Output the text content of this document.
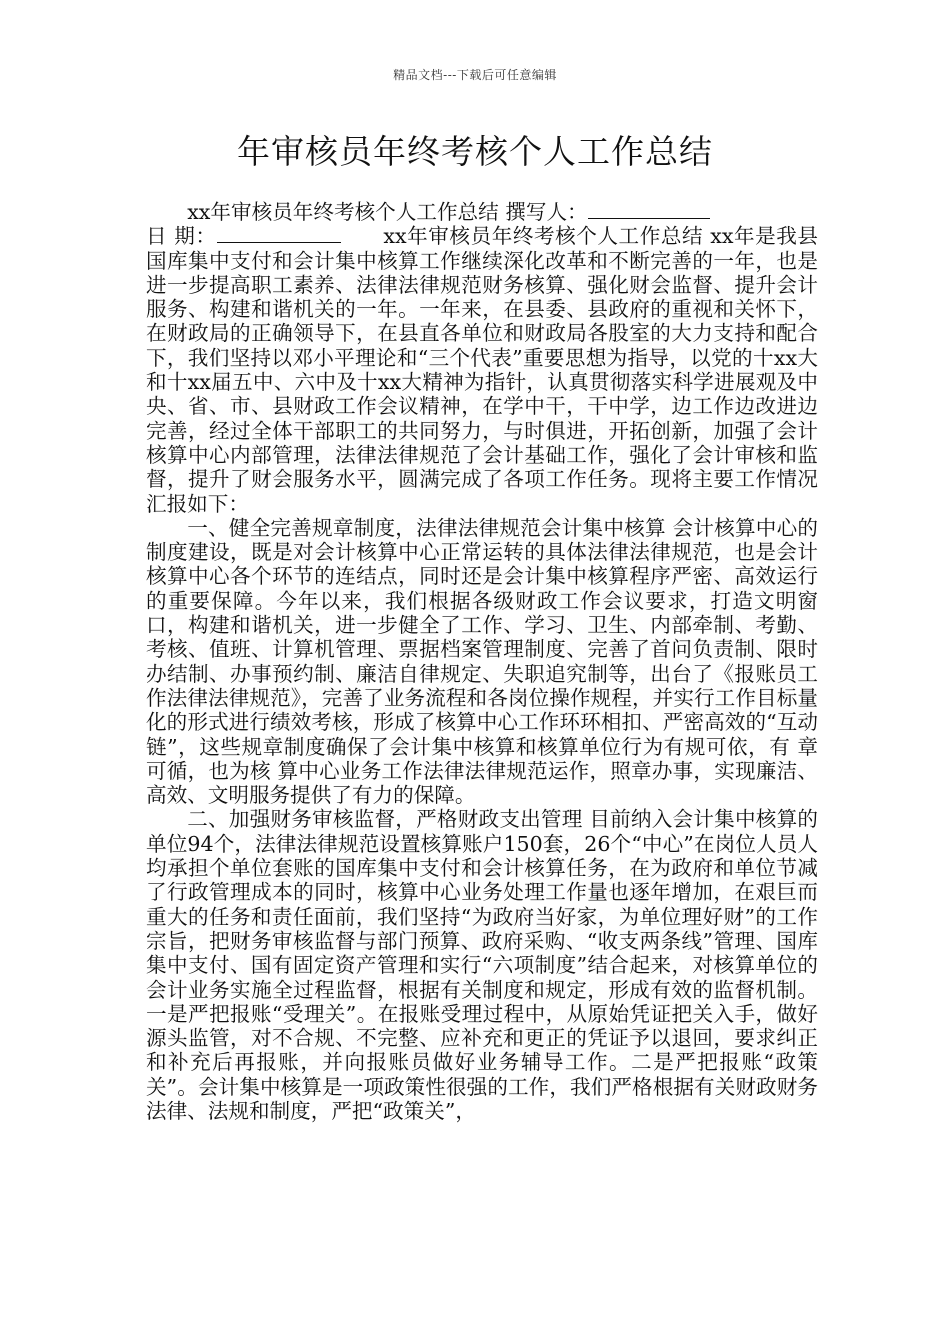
精品文档---下载后可任意编辑
年审核员年终考核个人工作总结

xx年审核员年终考核个人工作总结 撰写人：
日 期：　　	xx年审核员年终考核个人工作总结 xx年是我县国库集中支付和会计集中核算工作继续深化改革和不断完善的一年，也是进一步提高职工素养、法律法律规范财务核算、强化财会监督、提升会计服务、构建和谐机关的一年。一年来，在县委、县政府的重视和关怀下，在财政局的正确领导下，在县直各单位和财政局各股室的大力支持和配合下，我们坚持以邓小平理论和“三个代表”重要思想为指导，以党的十xx大和十xx届五中、六中及十xx大精神为指针，认真贯彻落实科学进展观及中央、省、市、县财政工作会议精神，在学中干，干中学，边工作边改进边完善，经过全体干部职工的共同努力，与时俱进，开拓创新，加强了会计核算中心内部管理，法律法律规范了会计基础工作，强化了会计审核和监督，提升了财会服务水平，圆满完成了各项工作任务。现将主要工作情况汇报如下：

一、健全完善规章制度，法律法律规范会计集中核算 会计核算中心的制度建设，既是对会计核算中心正常运转的具体法律法律规范，也是会计核算中心各个环节的连结点，同时还是会计集中核算程序严密、高效运行的重要保障。今年以来，我们根据各级财政工作会议要求，打造文明窗口，构建和谐机关，进一步健全了工作、学习、卫生、内部牵制、考勤、考核、值班、计算机管理、票据档案管理制度、完善了首问负责制、限时办结制、办事预约制、廉洁自律规定、失职追究制等，出台了《报账员工作法律法律规范》，完善了业务流程和各岗位操作规程，并实行工作目标量化的形式进行绩效考核，形成了核算中心工作环环相扣、严密高效的“互动链”，这些规章制度确保了会计集中核算和核算单位行为有规可依，有 章可循，也为核 算中心业务工作法律法律规范运作，照章办事，实现廉洁、高效、文明服务提供了有力的保障。

二、加强财务审核监督，严格财政支出管理 目前纳入会计集中核算的单位94个，法律法律规范设置核算账户150套，26个“中心”在岗位人员人均承担个单位套账的国库集中支付和会计核算任务，在为政府和单位节减了行政管理成本的同时，核算中心业务处理工作量也逐年增加，在艰巨而重大的任务和责任面前，我们坚持“为政府当好家，为单位理好财”的工作宗旨，把财务审核监督与部门预算、政府采购、“收支两条线”管理、国库集中支付、国有固定资产管理和实行“六项制度”结合起来，对核算单位的会计业务实施全过程监督，根据有关制度和规定，形成有效的监督机制。一是严把报账“受理关”。在报账受理过程中，从原始凭证把关入手，做好源头监管，对不合规、不完整、应补充和更正的凭证予以退回，要求纠正和补充后再报账，并向报账员做好业务辅导工作。二是严把报账“政策关”。会计集中核算是一项政策性很强的工作，我们严格根据有关财政财务法律、法规和制度，严把“政策关”，
